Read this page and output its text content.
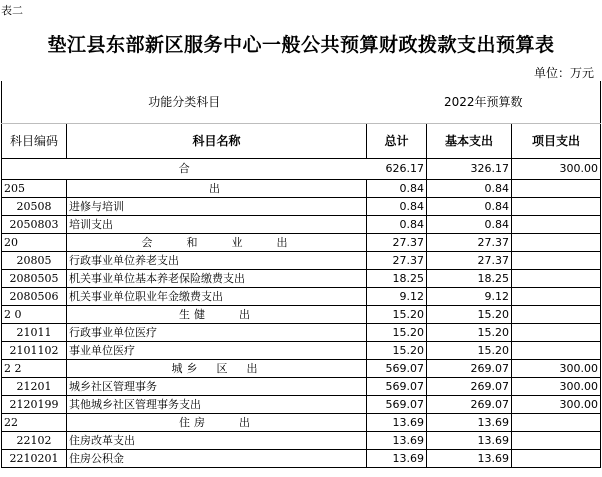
表二
垫江县东部新区服务中心一般公共预算财政拨款支出预算表
单位：万元
功能分类科目		2022年预算数		
科目编码	科目名称	总计	基本支出	项目支出
合		626.17	326.17	300.00
205	出	0.84	0.84	
20508	进修与培训	0.84	0.84	
2050803	培训支出	0.84	0.84	
20	会　　和　　业　　出	27.37	27.37	
20805	行政事业单位养老支出	27.37	27.37	
2080505	机关事业单位基本养老保险缴费支出	18.25	18.25	
2080506	机关事业单位职业年金缴费支出	9.12	9.12	
2 0	生健　　出	15.20	15.20	
21011	行政事业单位医疗	15.20	15.20	
2101102	事业单位医疗	15.20	15.20	
2 2	城乡　区　出	569.07	269.07	300.00
21201	城乡社区管理事务	569.07	269.07	300.00
2120199	其他城乡社区管理事务支出	569.07	269.07	300.00
22	住房　　出	13.69	13.69	
22102	住房改革支出	13.69	13.69	
2210201	住房公积金	13.69	13.69	
